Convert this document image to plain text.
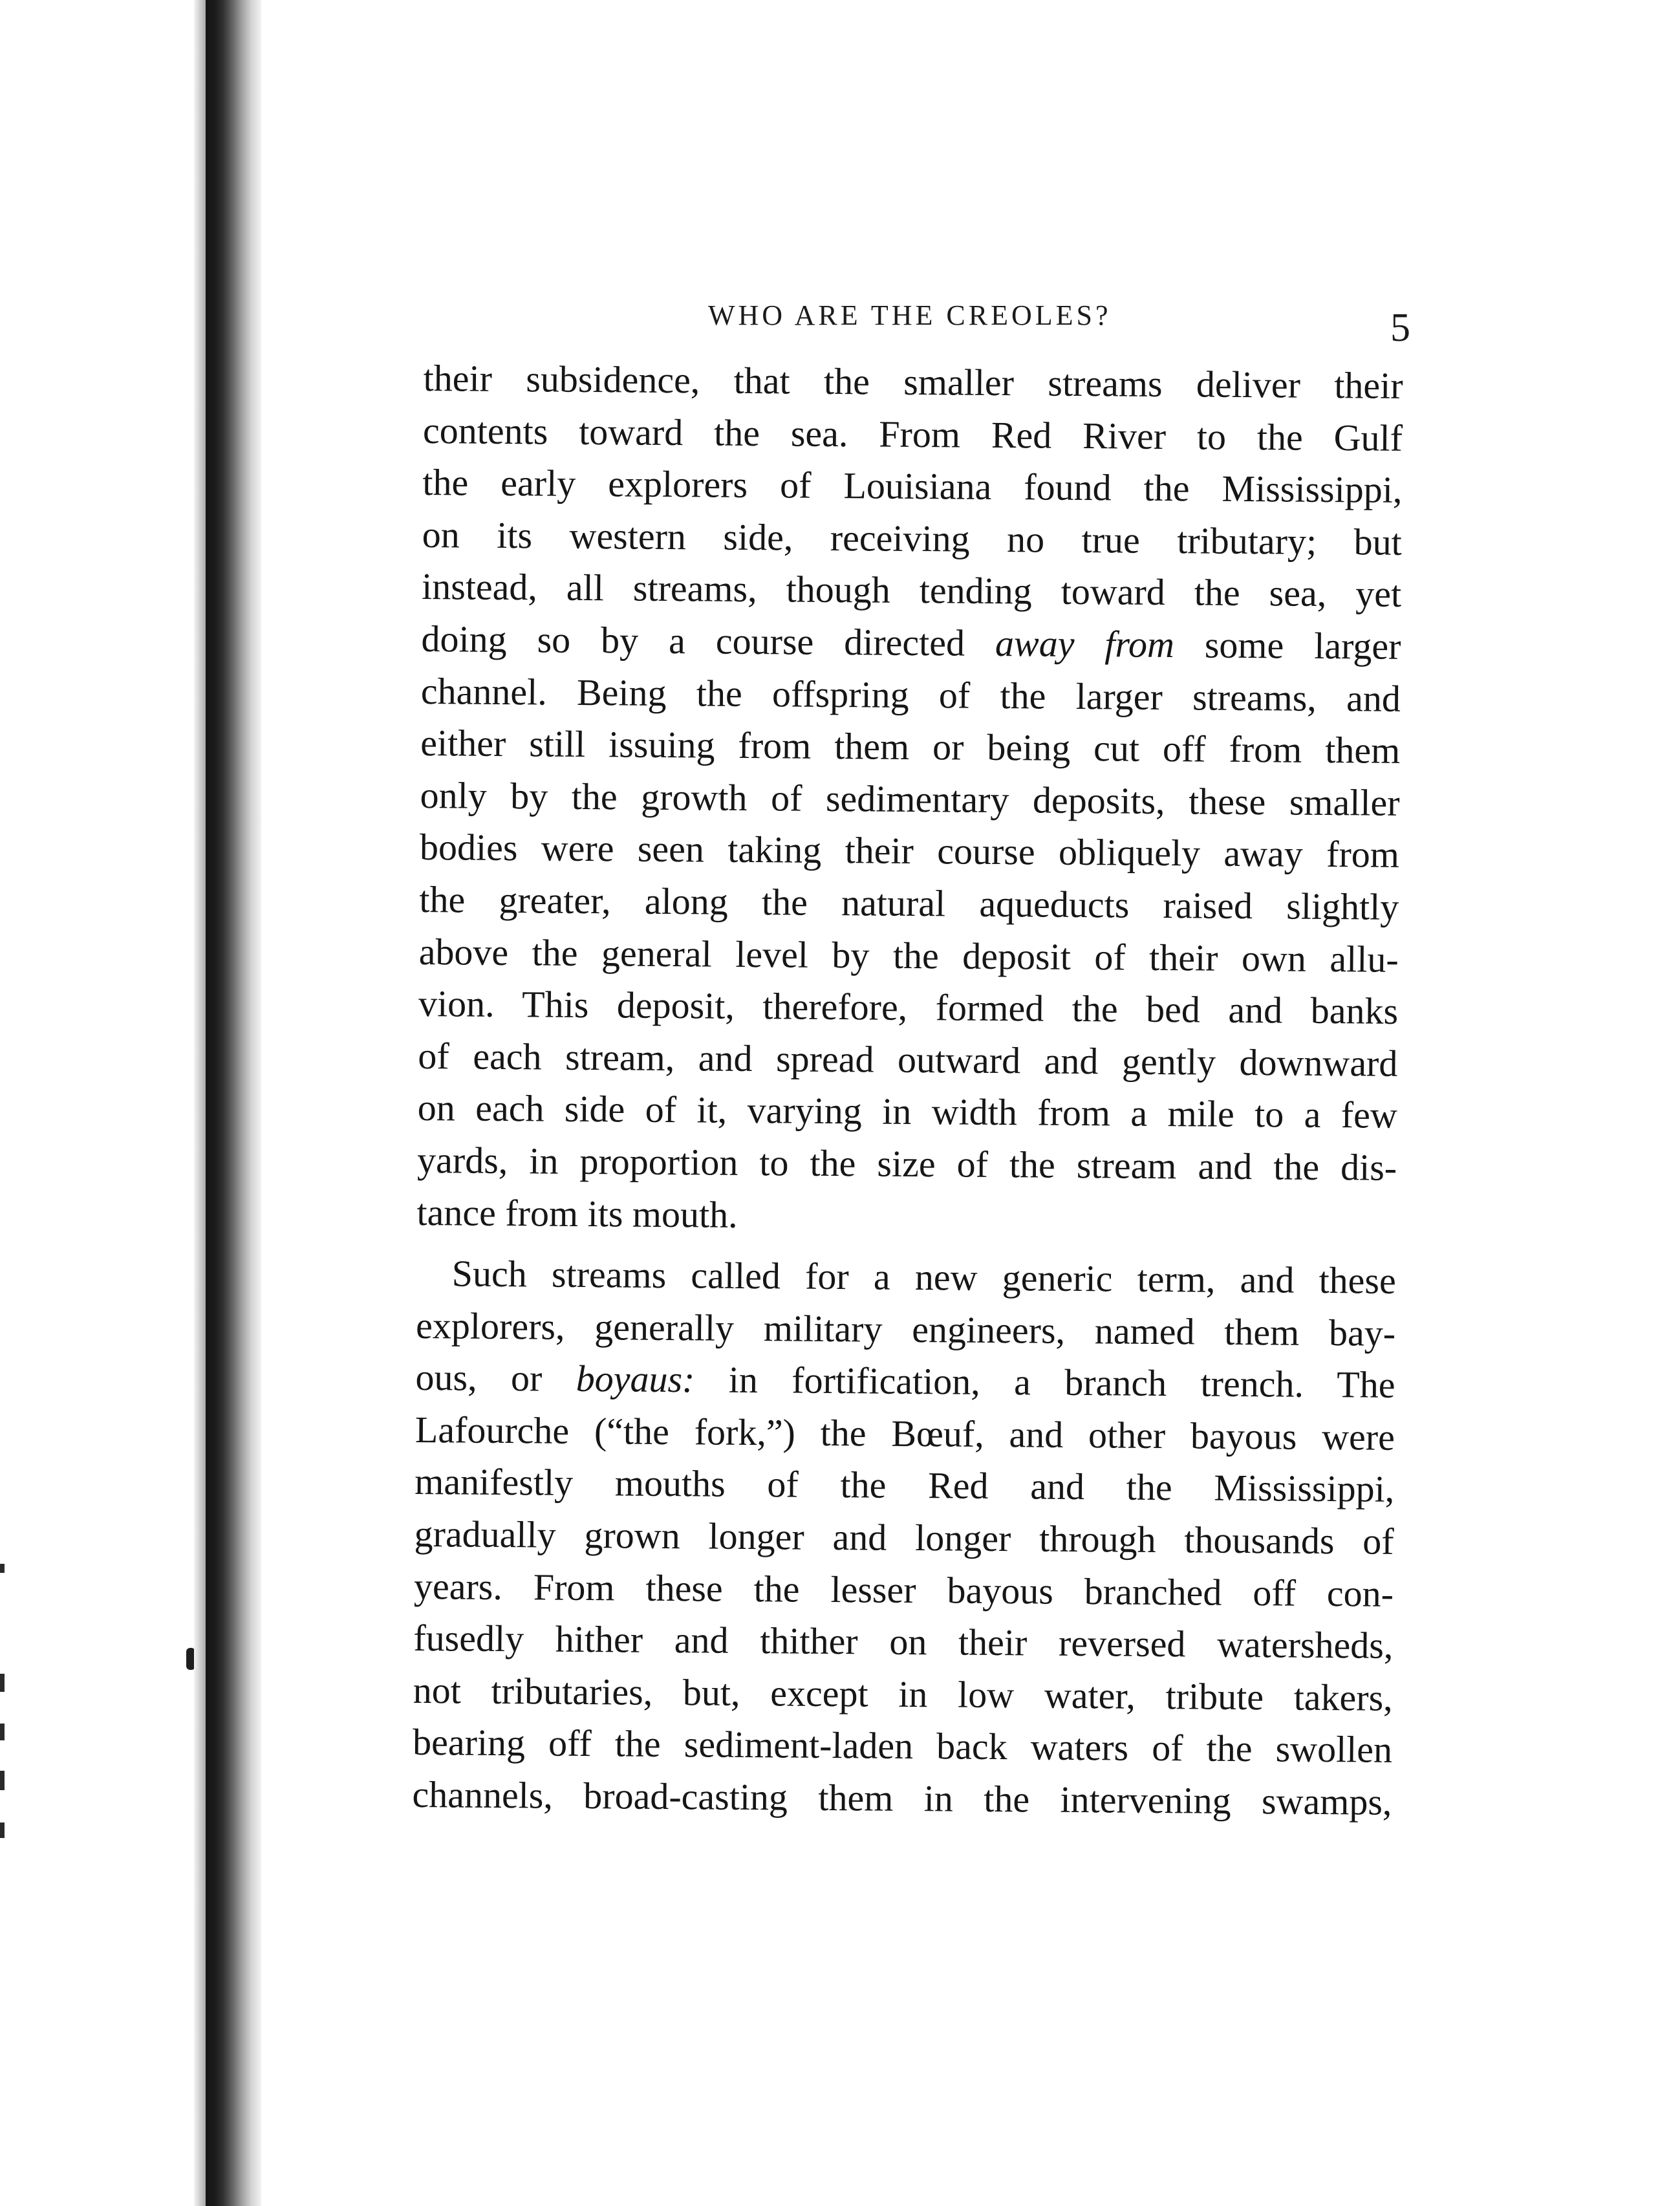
WHO ARE THE CREOLES?	5
their subsidence, that the smaller streams deliver their
contents toward the sea. From Red River to the Gulf
the early explorers of Louisiana found the Mississippi,
on its western side, receiving no true tributary; but
instead, all streams, though tending toward the sea, yet
doing so by a course directed away from some larger
channel. Being the offspring of the larger streams, and
either still issuing from them or being cut off from them
only by the growth of sedimentary deposits, these smaller
bodies were seen taking their course obliquely away from
the greater, along the natural aqueducts raised slightly
above the general level by the deposit of their own allu-
vion. This deposit, therefore, formed the bed and banks
of each stream, and spread outward and gently downward
on each side of it, varying in width from a mile to a few
yards, in proportion to the size of the stream and the dis-
tance from its mouth.
Such streams called for a new generic term, and these
explorers, generally military engineers, named them bay-
ous, or boyaus: in fortification, a branch trench. The
Lafourche (“the fork,”) the Bœuf, and other bayous were
manifestly mouths of the Red and the Mississippi,
gradually grown longer and longer through thousands of
years. From these the lesser bayous branched off con-
fusedly hither and thither on their reversed watersheds,
not tributaries, but, except in low water, tribute takers,
bearing off the sediment-laden back waters of the swollen
channels, broad-casting them in the intervening swamps,
